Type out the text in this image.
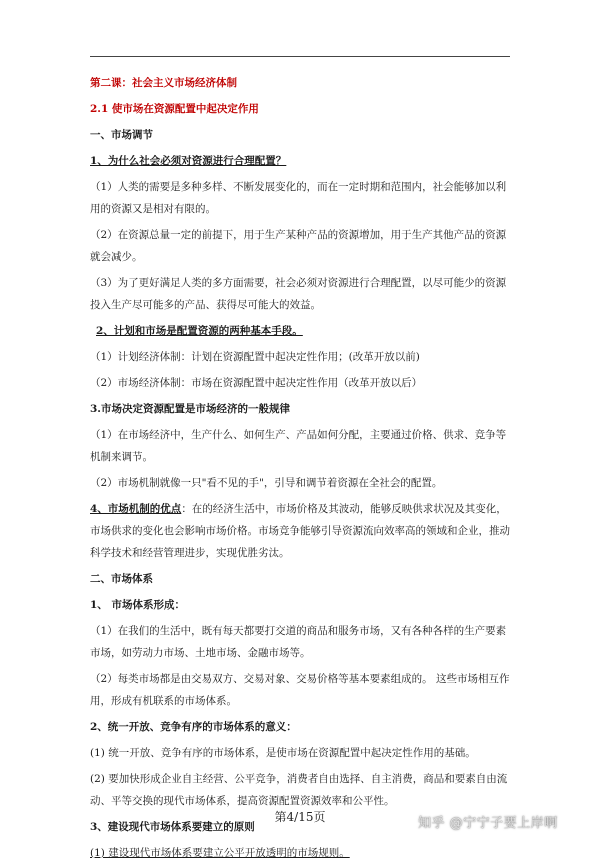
第二课：社会主义市场经济体制

2.1 使市场在资源配置中起决定作用

一、市场调节

1、为什么社会必须对资源进行合理配置？

（1）人类的需要是多种多样、不断发展变化的，而在一定时期和范围内，社会能够加以利用的资源又是相对有限的。

（2）在资源总量一定的前提下，用于生产某种产品的资源增加，用于生产其他产品的资源就会减少。

（3）为了更好满足人类的多方面需要，社会必须对资源进行合理配置，以尽可能少的资源投入生产尽可能多的产品、获得尽可能大的效益。

2、计划和市场是配置资源的两种基本手段。

（1）计划经济体制：计划在资源配置中起决定性作用；(改革开放以前)

（2）市场经济体制：市场在资源配置中起决定性作用（改革开放以后）

3.市场决定资源配置是市场经济的一般规律

（1）在市场经济中，生产什么、如何生产、产品如何分配，主要通过价格、供求、竞争等机制来调节。

（2）市场机制就像一只"看不见的手"，引导和调节着资源在全社会的配置。

4、市场机制的优点：在的经济生活中，市场价格及其波动，能够反映供求状况及其变化，市场供求的变化也会影响市场价格。市场竞争能够引导资源流向效率高的领域和企业，推动科学技术和经营管理进步，实现优胜劣汰。

二、市场体系

1、 市场体系形成：

（1）在我们的生活中，既有每天都要打交道的商品和服务市场，又有各种各样的生产要素市场，如劳动力市场、土地市场、金融市场等。

（2）每类市场都是由交易双方、交易对象、交易价格等基本要素组成的。 这些市场相互作用，形成有机联系的市场体系。

2、统一开放、竞争有序的市场体系的意义：

(1) 统一开放、竞争有序的市场体系，是使市场在资源配置中起决定性作用的基础。

(2) 要加快形成企业自主经营、公平竞争，消费者自由选择、自主消费，商品和要素自由流动、平等交换的现代市场体系，提高资源配置资源效率和公平性。

3、建设现代市场体系要建立的原则

(1) 建设现代市场体系要建立公平开放透明的市场规则。

第4/15页	知乎 @宁宁子要上岸啊
